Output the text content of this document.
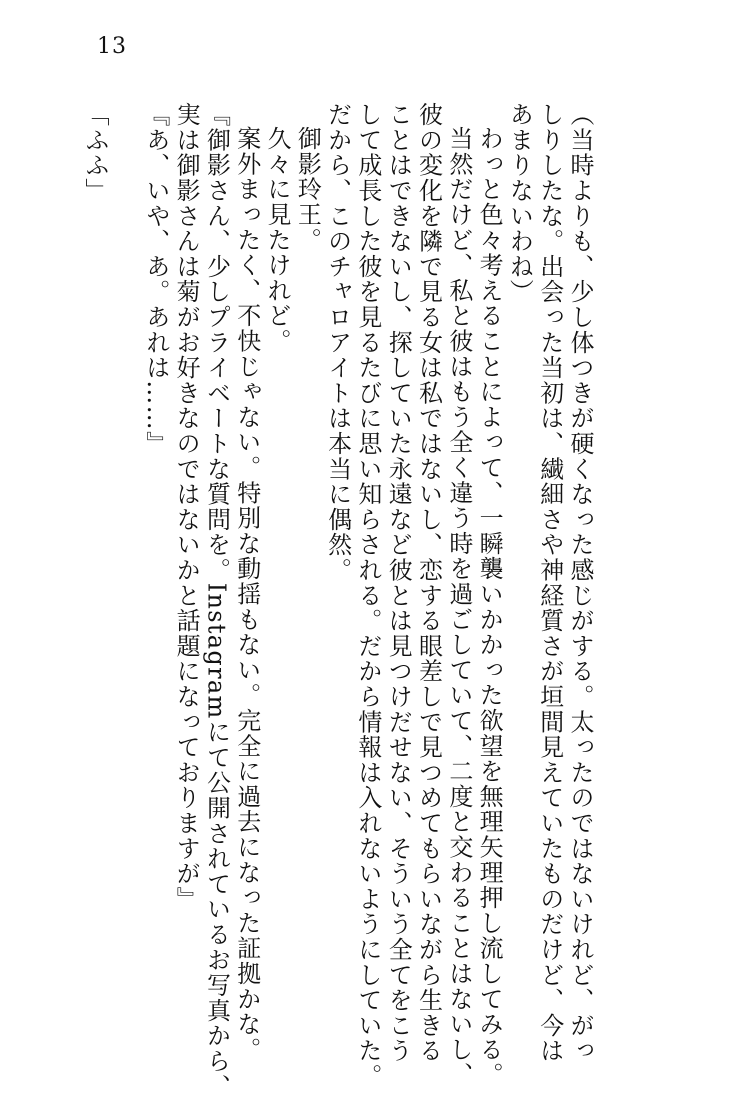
13

（当時よりも、少し体つきが硬くなった感じがする。太ったのではないけれど、がっ

しりしたな。出会った当初は、繊細さや神経質さが垣間見えていたものだけど、今は

あまりないわね）

わっと色々考えることによって、一瞬襲いかかった欲望を無理矢理押し流してみる。

当然だけど、私と彼はもう全く違う時を過ごしていて、二度と交わることはないし、

彼の変化を隣で見る女は私ではないし、恋する眼差しで見つめてもらいながら生きる

ことはできないし、探していた永遠など彼とは見つけだせない、そういう全てをこう

して成長した彼を見るたびに思い知らされる。だから情報は入れないようにしていた。

だから、このチャロアイトは本当に偶然。

御影玲王。

久々に見たけれど。

案外まったく、不快じゃない。特別な動揺もない。完全に過去になった証拠かな。

『御影さん、少しプライベートな質問を。Instagramにて公開されているお写真から、

実は御影さんは菊がお好きなのではないかと話題になっておりますが』

『あ、いや、あ。あれは……』

「ふふ」
